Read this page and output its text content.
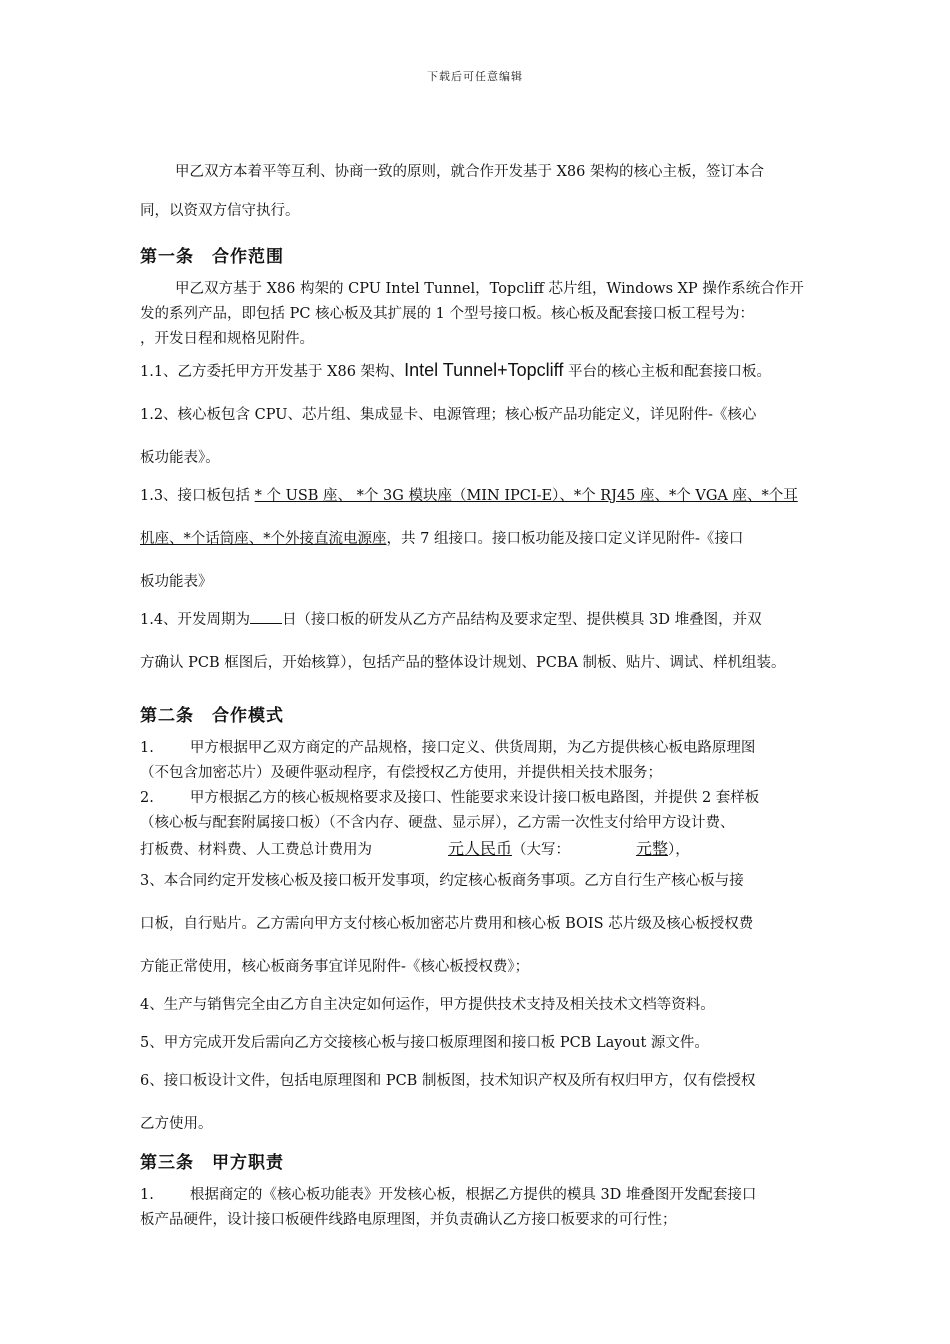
下载后可任意编辑

甲乙双方本着平等互利、协商一致的原则，就合作开发基于 X86 架构的核心主板，签订本合

同，以资双方信守执行。

第一条 合作范围

甲乙双方基于 X86 构架的 CPU Intel Tunnel，Topcliff 芯片组，Windows XP 操作系统合作开

发的系列产品，即包括 PC 核心板及其扩展的 1 个型号接口板。核心板及配套接口板工程号为：

，开发日程和规格见附件。

1.1、乙方委托甲方开发基于 X86 架构、Intel Tunnel+Topcliff 平台的核心主板和配套接口板。

1.2、核心板包含 CPU、芯片组、集成显卡、电源管理；核心板产品功能定义，详见附件-《核心

板功能表》。

1.3、接口板包括 * 个 USB 座、 *个 3G 模块座（MIN IPCI-E）、*个 RJ45 座、*个 VGA 座、*个耳

机座、*个话筒座、*个外接直流电源座，共 7 组接口。接口板功能及接口定义详见附件-《接口

板功能表》

1.4、开发周期为 日（接口板的研发从乙方产品结构及要求定型、提供模具 3D 堆叠图，并双

方确认 PCB 框图后，开始核算），包括产品的整体设计规划、PCBA 制板、贴片、调试、样机组装。

第二条 合作模式

1. 甲方根据甲乙双方商定的产品规格，接口定义、供货周期，为乙方提供核心板电路原理图

（不包含加密芯片）及硬件驱动程序，有偿授权乙方使用，并提供相关技术服务；

2. 甲方根据乙方的核心板规格要求及接口、性能要求来设计接口板电路图，并提供 2 套样板

（核心板与配套附属接口板）（不含内存、硬盘、显示屏），乙方需一次性支付给甲方设计费、

打板费、材料费、人工费总计费用为	元人民币（大写：	元整），

3、本合同约定开发核心板及接口板开发事项，约定核心板商务事项。乙方自行生产核心板与接

口板，自行贴片。乙方需向甲方支付核心板加密芯片费用和核心板 BOIS 芯片级及核心板授权费

方能正常使用，核心板商务事宜详见附件-《核心板授权费》；

4、生产与销售完全由乙方自主决定如何运作，甲方提供技术支持及相关技术文档等资料。

5、甲方完成开发后需向乙方交接核心板与接口板原理图和接口板 PCB Layout 源文件。

6、接口板设计文件，包括电原理图和 PCB 制板图，技术知识产权及所有权归甲方，仅有偿授权

乙方使用。

第三条 甲方职责

1. 根据商定的《核心板功能表》开发核心板，根据乙方提供的模具 3D 堆叠图开发配套接口

板产品硬件，设计接口板硬件线路电原理图，并负责确认乙方接口板要求的可行性；
